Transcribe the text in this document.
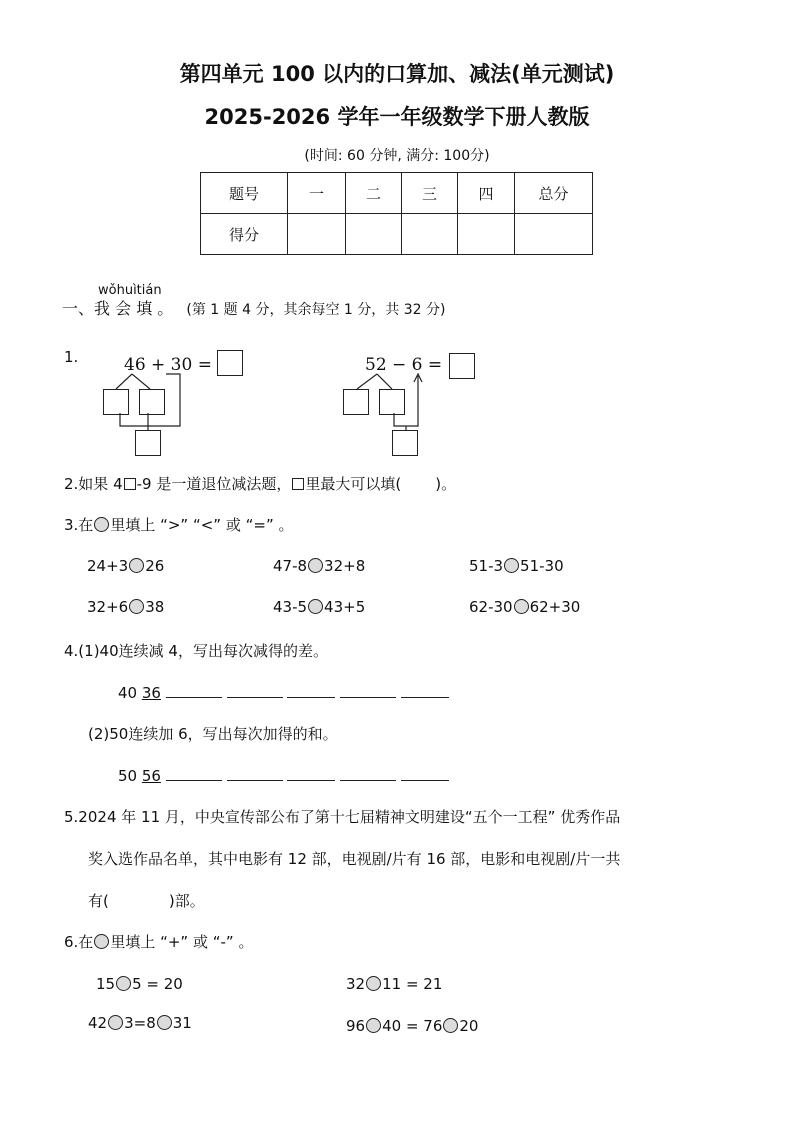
第四单元 100 以内的口算加、减法(单元测试)
2025-2026 学年一年级数学下册人教版
(时间: 60 分钟, 满分: 100分)
题号	一	二	三	四	总分
得分					
wǒhuìtián
一、我 会 填 。 (第 1 题 4 分，其余每空 1 分，共 32 分)
1.	46 + 30 =	52 − 6 =
2.如果 4 -9 是一道退位减法题， 里最大可以填( )。
3.在 里填上 “>” “<” 或 “=” 。
24+3 26	47-8 32+8	51-3 51-30
32+6 38	43-5 43+5	62-30 62+30
4.(1)40连续减 4，写出每次减得的差。
40 36
(2)50连续加 6，写出每次加得的和。
50 56
5.2024 年 11 月，中央宣传部公布了第十七届精神文明建设“五个一工程” 优秀作品
奖入选作品名单，其中电影有 12 部，电视剧/片有 16 部，电影和电视剧/片一共
有(	)部。
6.在 里填上 “+” 或 “-” 。
15 5 = 20	32 11 = 21
42 3=8 31	96 40 = 76 20
